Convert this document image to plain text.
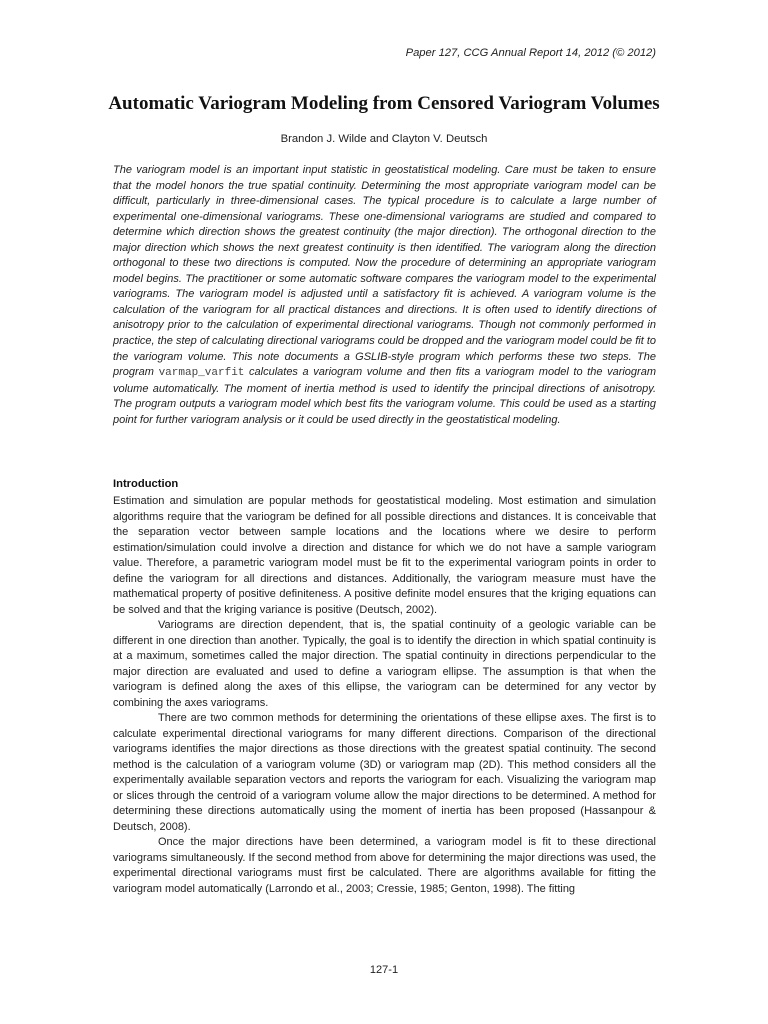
Paper 127, CCG Annual Report 14, 2012 (© 2012)
Automatic Variogram Modeling from Censored Variogram Volumes
Brandon J. Wilde and Clayton V. Deutsch

The variogram model is an important input statistic in geostatistical modeling. Care must be taken to ensure that the model honors the true spatial continuity. Determining the most appropriate variogram model can be difficult, particularly in three-dimensional cases. The typical procedure is to calculate a large number of experimental one-dimensional variograms. These one-dimensional variograms are studied and compared to determine which direction shows the greatest continuity (the major direction). The orthogonal direction to the major direction which shows the next greatest continuity is then identified. The variogram along the direction orthogonal to these two directions is computed. Now the procedure of determining an appropriate variogram model begins. The practitioner or some automatic software compares the variogram model to the experimental variograms. The variogram model is adjusted until a satisfactory fit is achieved. A variogram volume is the calculation of the variogram for all practical distances and directions. It is often used to identify directions of anisotropy prior to the calculation of experimental directional variograms. Though not commonly performed in practice, the step of calculating directional variograms could be dropped and the variogram model could be fit to the variogram volume. This note documents a GSLIB-style program which performs these two steps. The program varmap_varfit calculates a variogram volume and then fits a variogram model to the variogram volume automatically. The moment of inertia method is used to identify the principal directions of anisotropy. The program outputs a variogram model which best fits the variogram volume. This could be used as a starting point for further variogram analysis or it could be used directly in the geostatistical modeling.

Introduction

Estimation and simulation are popular methods for geostatistical modeling. Most estimation and simulation algorithms require that the variogram be defined for all possible directions and distances. It is conceivable that the separation vector between sample locations and the locations where we desire to perform estimation/simulation could involve a direction and distance for which we do not have a sample variogram value. Therefore, a parametric variogram model must be fit to the experimental variogram points in order to define the variogram for all directions and distances. Additionally, the variogram measure must have the mathematical property of positive definiteness. A positive definite model ensures that the kriging equations can be solved and that the kriging variance is positive (Deutsch, 2002).

Variograms are direction dependent, that is, the spatial continuity of a geologic variable can be different in one direction than another. Typically, the goal is to identify the direction in which spatial continuity is at a maximum, sometimes called the major direction. The spatial continuity in directions perpendicular to the major direction are evaluated and used to define a variogram ellipse. The assumption is that when the variogram is defined along the axes of this ellipse, the variogram can be determined for any vector by combining the axes variograms.

There are two common methods for determining the orientations of these ellipse axes. The first is to calculate experimental directional variograms for many different directions. Comparison of the directional variograms identifies the major directions as those directions with the greatest spatial continuity. The second method is the calculation of a variogram volume (3D) or variogram map (2D). This method considers all the experimentally available separation vectors and reports the variogram for each. Visualizing the variogram map or slices through the centroid of a variogram volume allow the major directions to be determined. A method for determining these directions automatically using the moment of inertia has been proposed (Hassanpour & Deutsch, 2008).

Once the major directions have been determined, a variogram model is fit to these directional variograms simultaneously. If the second method from above for determining the major directions was used, the experimental directional variograms must first be calculated. There are algorithms available for fitting the variogram model automatically (Larrondo et al., 2003; Cressie, 1985; Genton, 1998). The fitting

127-1
